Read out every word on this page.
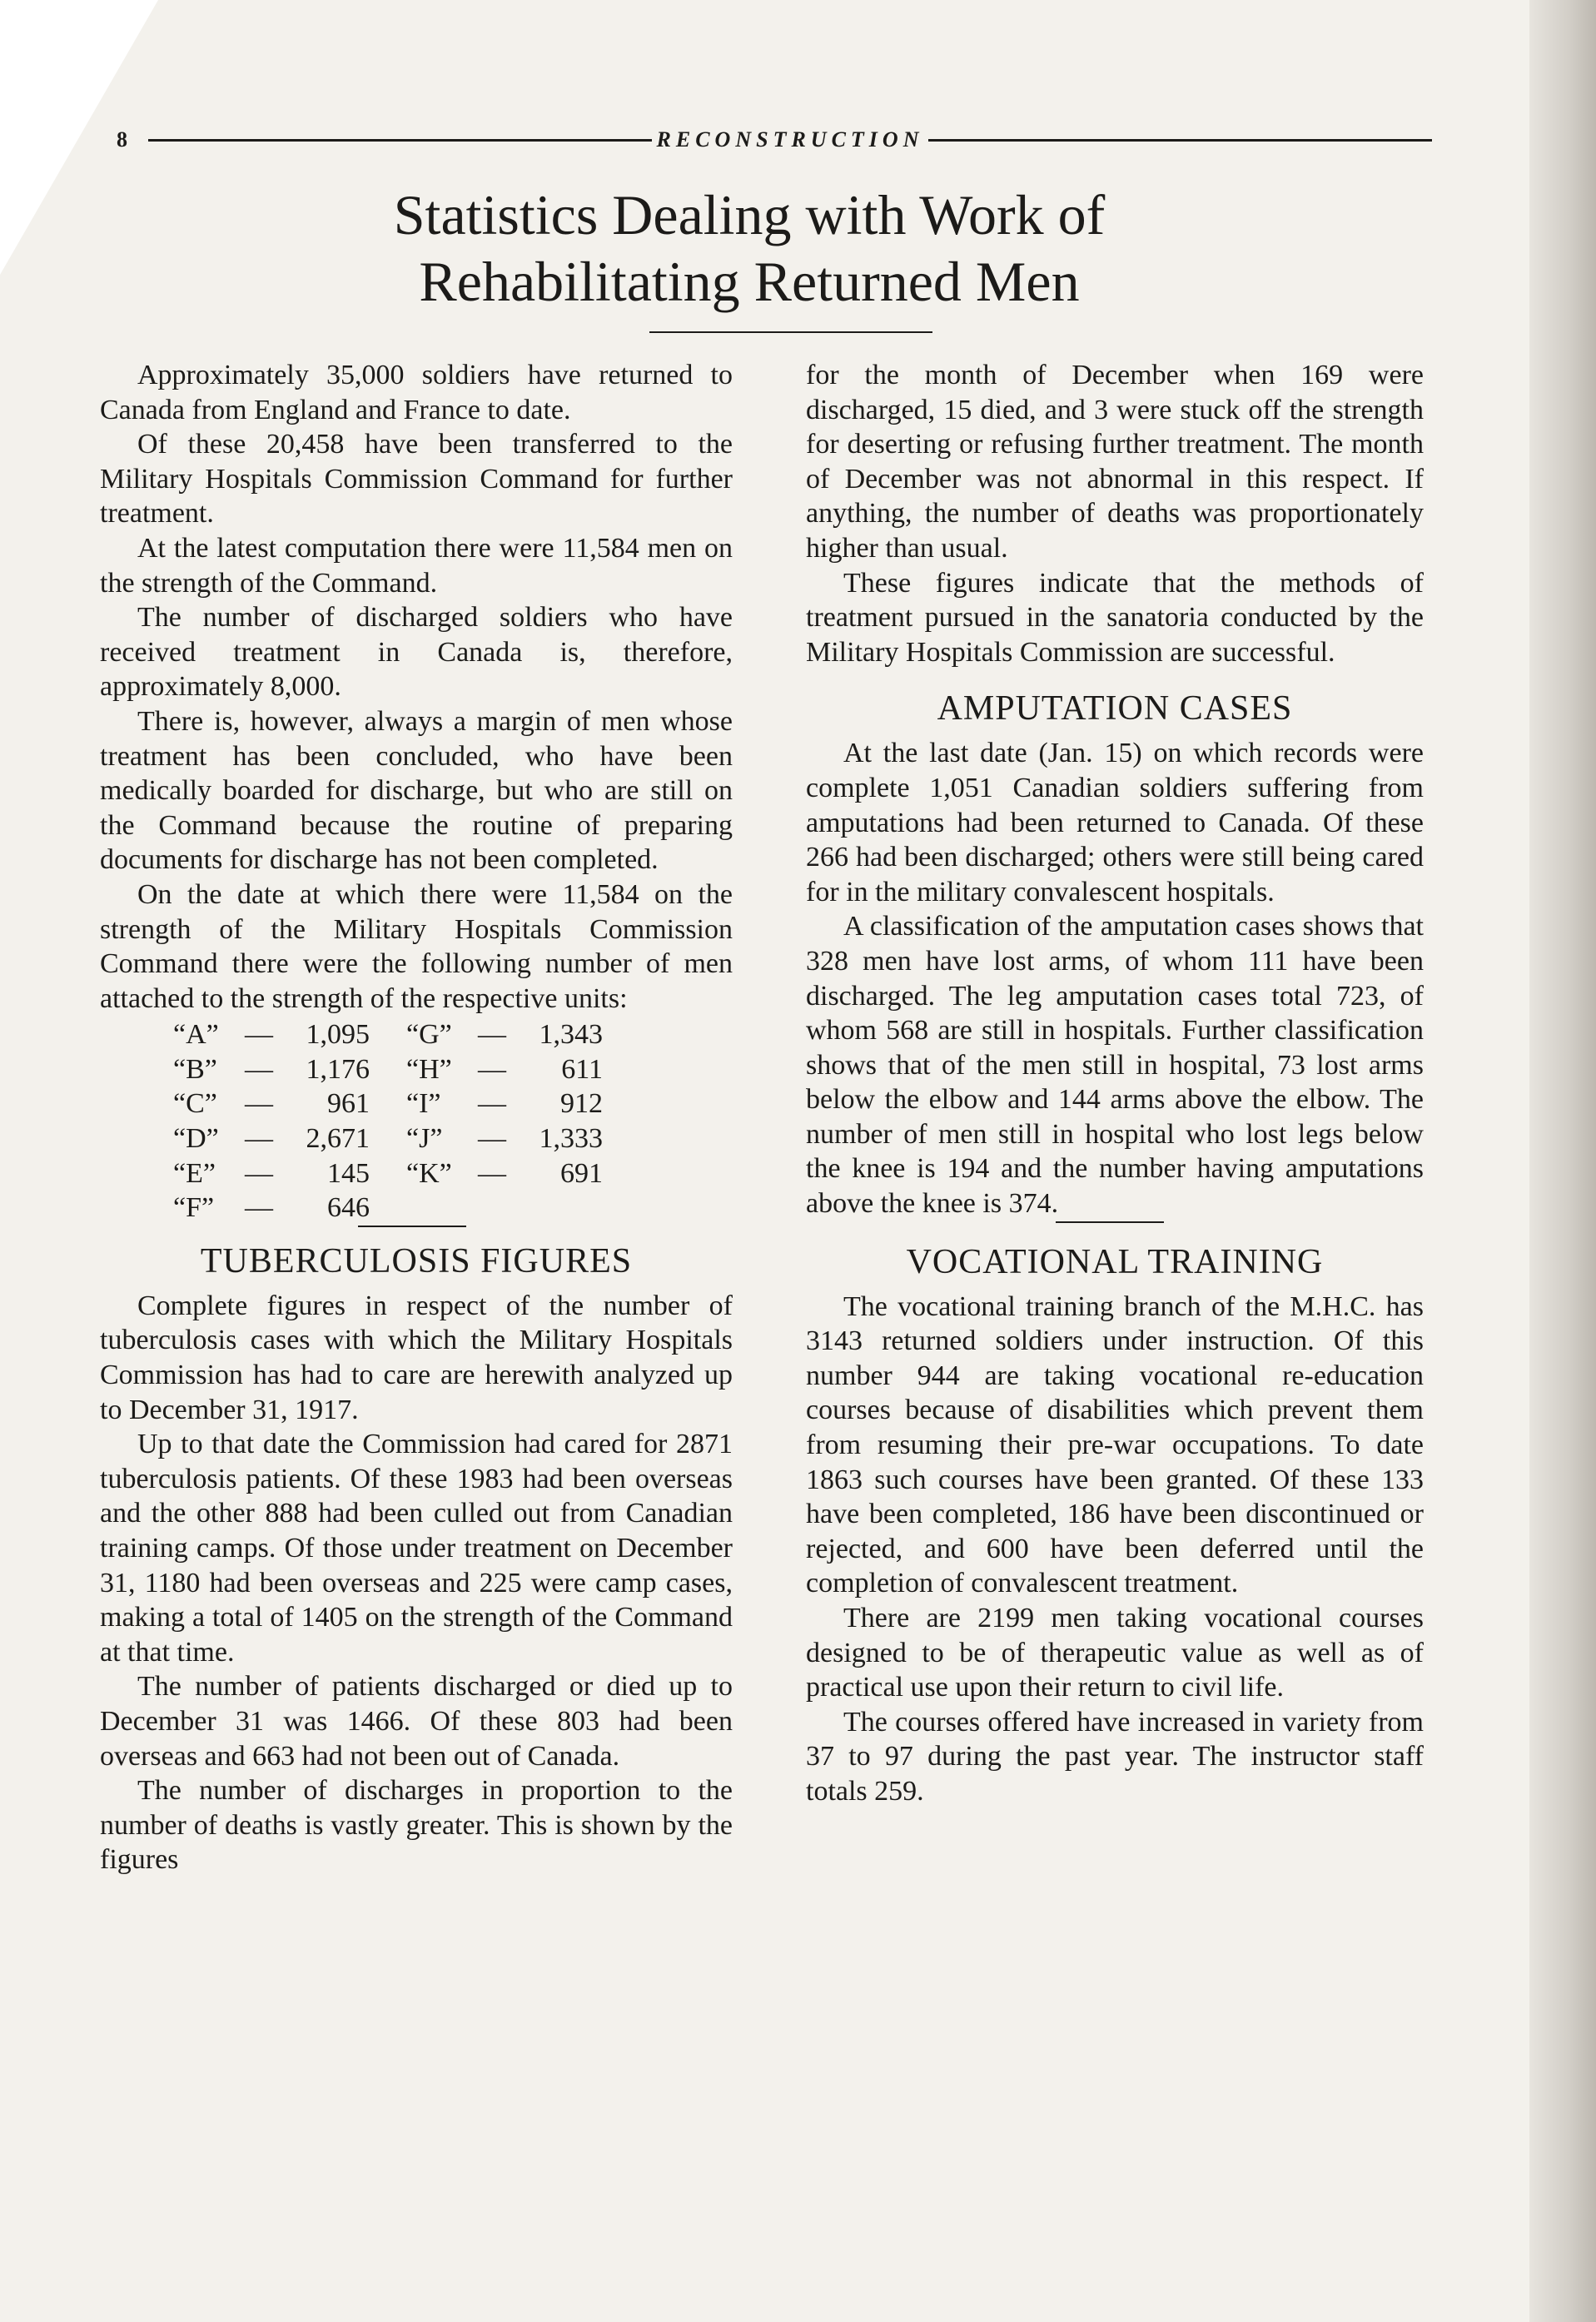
8	RECONSTRUCTION
Statistics Dealing with Work of
Rehabilitating Returned Men

Approximately 35,000 soldiers have returned to Canada from England and France to date.

Of these 20,458 have been transferred to the Military Hospitals Commission Command for further treatment.

At the latest computation there were 11,584 men on the strength of the Command.

The number of discharged soldiers who have received treatment in Canada is, therefore, approximately 8,000.

There is, however, always a margin of men whose treatment has been concluded, who have been medically boarded for discharge, but who are still on the Command because the routine of preparing documents for discharge has not been completed.

On the date at which there were 11,584 on the strength of the Military Hospitals Commission Command there were the following number of men attached to the strength of the respective units:

“A” —	1,095 “G” —	1,343
“B” —	1,176 “H” —	611
“C” —	961 “I”	—	912
“D” —	2,671 “J”	—	1,333
“E”	—	145 “K” —	691
“F”	—	646
TUBERCULOSIS FIGURES

Complete figures in respect of the number of tuberculosis cases with which the Military Hospitals Commission has had to care are herewith analyzed up to December 31, 1917.

Up to that date the Commission had cared for 2871 tuberculosis patients. Of these 1983 had been overseas and the other 888 had been culled out from Canadian training camps. Of those under treatment on December 31, 1180 had been overseas and 225 were camp cases, making a total of 1405 on the strength of the Command at that time.

The number of patients discharged or died up to December 31 was 1466. Of these 803 had been overseas and 663 had not been out of Canada.

The number of discharges in proportion to the number of deaths is vastly greater. This is shown by the figures

for the month of December when 169 were discharged, 15 died, and 3 were stuck off the strength for deserting or refusing further treatment. The month of December was not abnormal in this respect. If anything, the number of deaths was proportionately higher than usual.

These figures indicate that the methods of treatment pursued in the sanatoria conducted by the Military Hospitals Commission are successful.

AMPUTATION CASES

At the last date (Jan. 15) on which records were complete 1,051 Canadian soldiers suffering from amputations had been returned to Canada. Of these 266 had been discharged; others were still being cared for in the military convalescent hospitals.

A classification of the amputation cases shows that 328 men have lost arms, of whom 111 have been discharged. The leg amputation cases total 723, of whom 568 are still in hospitals. Further classification shows that of the men still in hospital, 73 lost arms below the elbow and 144 arms above the elbow. The number of men still in hospital who lost legs below the knee is 194 and the number having amputations above the knee is 374.

VOCATIONAL TRAINING

The vocational training branch of the M.H.C. has 3143 returned soldiers under instruction. Of this number 944 are taking vocational re-education courses because of disabilities which prevent them from resuming their pre-war occupations. To date 1863 such courses have been granted. Of these 133 have been completed, 186 have been discontinued or rejected, and 600 have been deferred until the completion of convalescent treatment.

There are 2199 men taking vocational courses designed to be of therapeutic value as well as of practical use upon their return to civil life.

The courses offered have increased in variety from 37 to 97 during the past year. The instructor staff totals 259.
